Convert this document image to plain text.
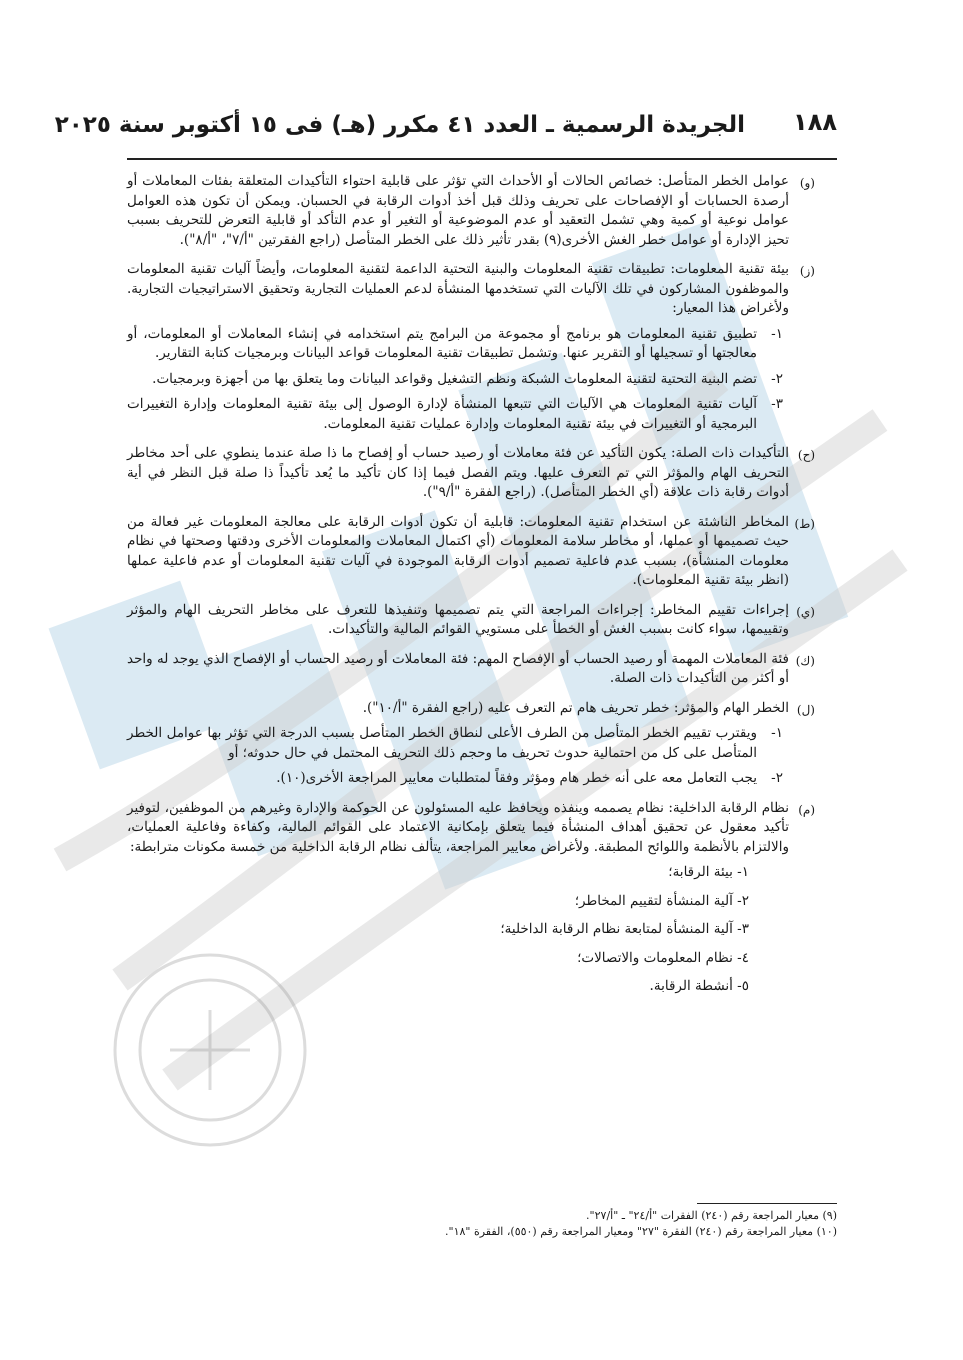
١٨٨
الجريدة الرسمية ـ العدد ٤١ مكرر (هـ) فى ١٥ أكتوبر سنة ٢٠٢٥
(و)
عوامل الخطر المتأصل: خصائص الحالات أو الأحداث التي تؤثر على قابلية احتواء التأكيدات المتعلقة بفئات المعاملات أو أرصدة الحسابات أو الإفصاحات على تحريف وذلك قبل أخذ أدوات الرقابة في الحسبان. ويمكن أن تكون هذه العوامل عوامل نوعية أو كمية وهي تشمل التعقيد أو عدم الموضوعية أو التغير أو عدم التأكد أو قابلية التعرض للتحريف بسبب تحيز الإدارة أو عوامل خطر الغش الأخرى(٩) بقدر تأثير ذلك على الخطر المتأصل (راجع الفقرتين "أ/٧"، "أ/٨").
(ز)
بيئة تقنية المعلومات: تطبيقات تقنية المعلومات والبنية التحتية الداعمة لتقنية المعلومات، وأيضاً آليات تقنية المعلومات والموظفون المشاركون في تلك الآليات التي تستخدمها المنشأة لدعم العمليات التجارية وتحقيق الاستراتيجيات التجارية. ولأغراض هذا المعيار:
١-
تطبيق تقنية المعلومات هو برنامج أو مجموعة من البرامج يتم استخدامه في إنشاء المعاملات أو المعلومات، أو معالجتها أو تسجيلها أو التقرير عنها. وتشمل تطبيقات تقنية المعلومات قواعد البيانات وبرمجيات كتابة التقارير.
٢-
تضم البنية التحتية لتقنية المعلومات الشبكة ونظم التشغيل وقواعد البيانات وما يتعلق بها من أجهزة وبرمجيات.
٣-
آليات تقنية المعلومات هي الآليات التي تتبعها المنشأة لإدارة الوصول إلى بيئة تقنية المعلومات وإدارة التغييرات البرمجية أو التغييرات في بيئة تقنية المعلومات وإدارة عمليات تقنية المعلومات.
(ح)
التأكيدات ذات الصلة: يكون التأكيد عن فئة معاملات أو رصيد حساب أو إفصاح ما ذا صلة عندما ينطوي على أحد مخاطر التحريف الهام والمؤثر التي تم التعرف عليها. ويتم الفصل فيما إذا كان تأكيد ما يُعد تأكيداً ذا صلة قبل النظر في أية أدوات رقابة ذات علاقة (أي الخطر المتأصل). (راجع الفقرة "أ/٩").
(ط)
المخاطر الناشئة عن استخدام تقنية المعلومات: قابلية أن تكون أدوات الرقابة على معالجة المعلومات غير فعالة من حيث تصميمها أو عملها، أو مخاطر سلامة المعلومات (أي اكتمال المعاملات والمعلومات الأخرى ودقتها وصحتها في نظام معلومات المنشأة)، بسبب عدم فاعلية تصميم أدوات الرقابة الموجودة في آليات تقنية المعلومات أو عدم فاعلية عملها (انظر بيئة تقنية المعلومات).
(ي)
إجراءات تقييم المخاطر: إجراءات المراجعة التي يتم تصميمها وتنفيذها للتعرف على مخاطر التحريف الهام والمؤثر وتقييمها، سواء كانت بسبب الغش أو الخطأ على مستويي القوائم المالية والتأكيدات.
(ك)
فئة المعاملات المهمة أو رصيد الحساب أو الإفصاح المهم: فئة المعاملات أو رصيد الحساب أو الإفصاح الذي يوجد له واحد أو أكثر من التأكيدات ذات الصلة.
(ل)
الخطر الهام والمؤثر: خطر تحريف هام تم التعرف عليه (راجع الفقرة "أ/١٠").
١-
ويقترب تقييم الخطر المتأصل من الطرف الأعلى لنطاق الخطر المتأصل بسبب الدرجة التي تؤثر بها عوامل الخطر المتأصل على كل من احتمالية حدوث تحريف ما وحجم ذلك التحريف المحتمل في حال حدوثه؛ أو
٢-
يجب التعامل معه على أنه خطر هام ومؤثر وفقاً لمتطلبات معايير المراجعة الأخرى(١٠).
(م)
نظام الرقابة الداخلية: نظام يصممه وينفذه ويحافظ عليه المسئولون عن الحوكمة والإدارة وغيرهم من الموظفين، لتوفير تأكيد معقول عن تحقيق أهداف المنشأة فيما يتعلق بإمكانية الاعتماد على القوائم المالية، وكفاءة وفاعلية العمليات، والالتزام بالأنظمة واللوائح المطبقة. ولأغراض معايير المراجعة، يتألف نظام الرقابة الداخلية من خمسة مكونات مترابطة:
١- بيئة الرقابة؛
٢- آلية المنشأة لتقييم المخاطر؛
٣- آلية المنشأة لمتابعة نظام الرقابة الداخلية؛
٤- نظام المعلومات والاتصالات؛
٥- أنشطة الرقابة.
(٩) معيار المراجعة رقم (٢٤٠) الفقرات "أ/٢٤" ـ "أ/٢٧".
(١٠) معيار المراجعة رقم (٢٤٠) الفقرة "٢٧" ومعيار المراجعة رقم (٥٥٠)، الفقرة "١٨".
